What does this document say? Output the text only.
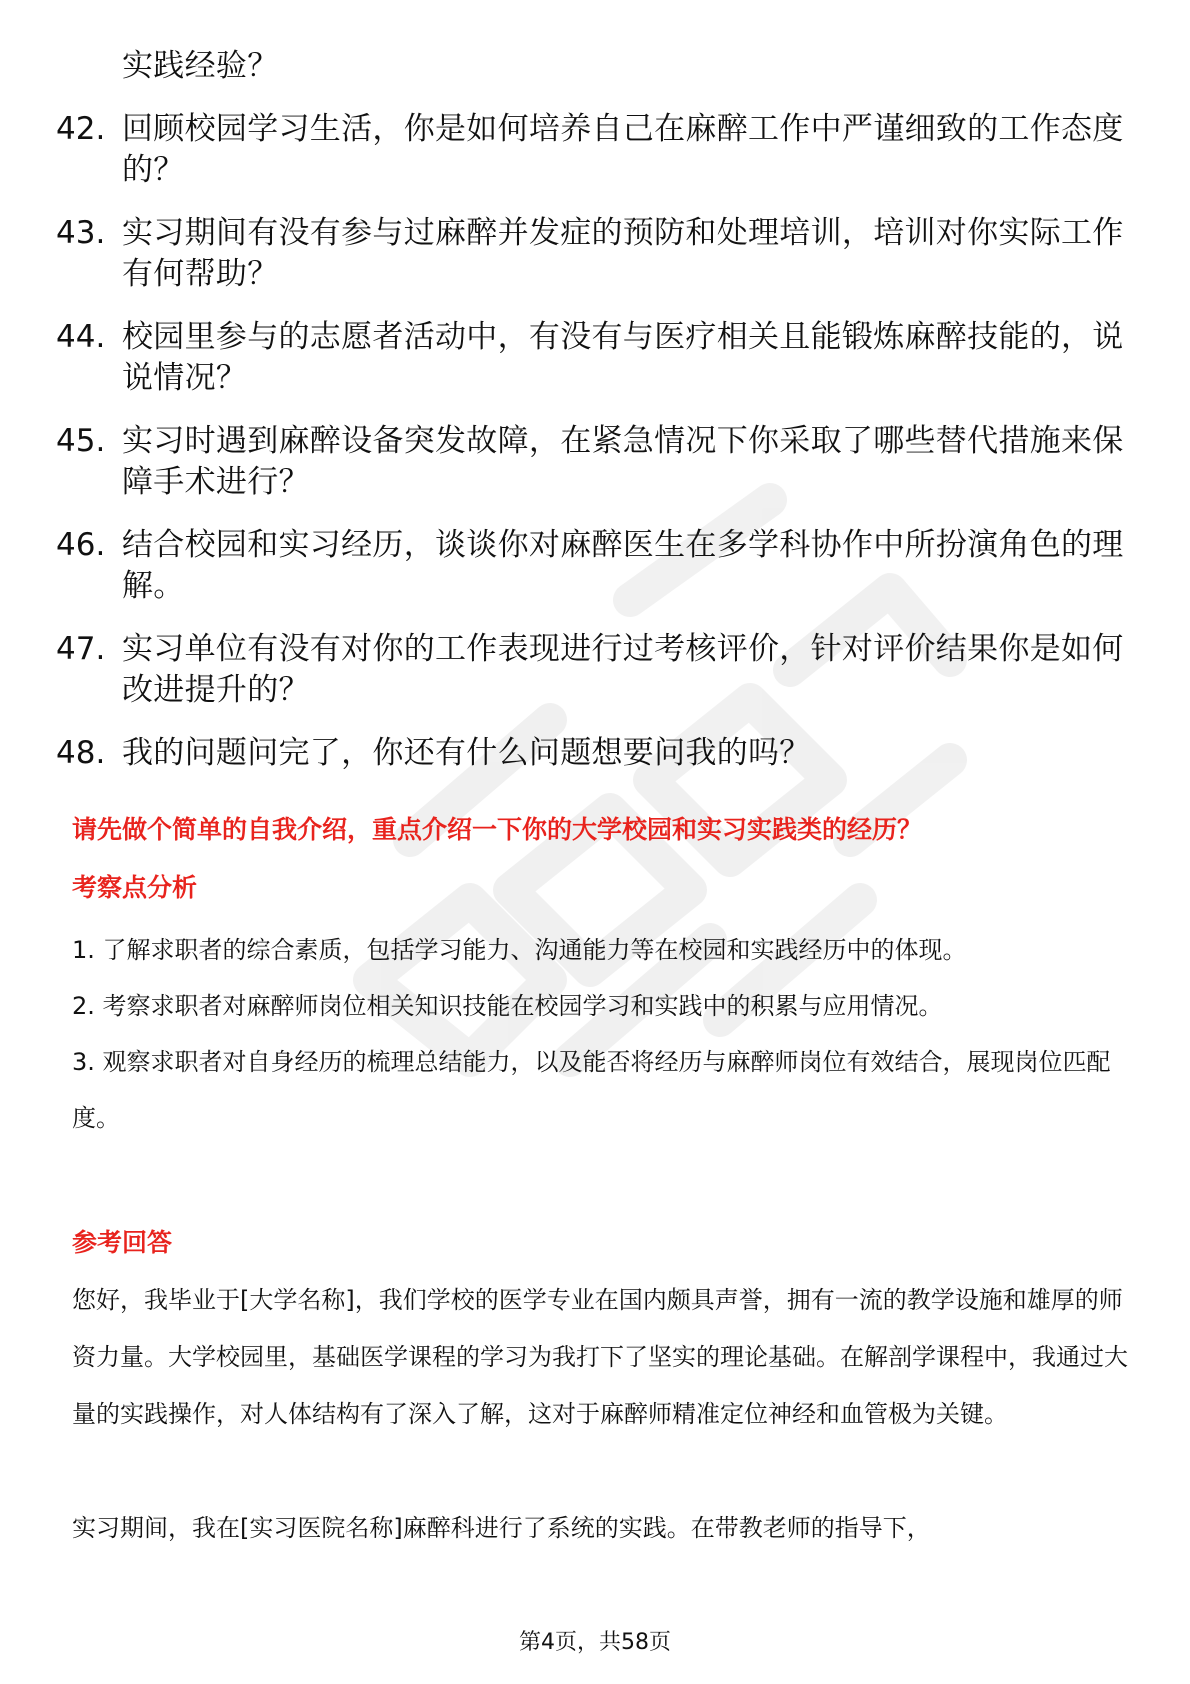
实践经验？
42. 回顾校园学习生活，你是如何培养自己在麻醉工作中严谨细致的工作态度的？
43. 实习期间有没有参与过麻醉并发症的预防和处理培训，培训对你实际工作有何帮助？
44. 校园里参与的志愿者活动中，有没有与医疗相关且能锻炼麻醉技能的，说说情况？
45. 实习时遇到麻醉设备突发故障，在紧急情况下你采取了哪些替代措施来保障手术进行？
46. 结合校园和实习经历，谈谈你对麻醉医生在多学科协作中所扮演角色的理解。
47. 实习单位有没有对你的工作表现进行过考核评价，针对评价结果你是如何改进提升的？
48. 我的问题问完了，你还有什么问题想要问我的吗？
请先做个简单的自我介绍，重点介绍一下你的大学校园和实习实践类的经历？
考察点分析
1. 了解求职者的综合素质，包括学习能力、沟通能力等在校园和实践经历中的体现。
2. 考察求职者对麻醉师岗位相关知识技能在校园学习和实践中的积累与应用情况。
3. 观察求职者对自身经历的梳理总结能力，以及能否将经历与麻醉师岗位有效结合，展现岗位匹配度。
参考回答

您好，我毕业于[大学名称]，我们学校的医学专业在国内颇具声誉，拥有一流的教学设施和雄厚的师资力量。大学校园里，基础医学课程的学习为我打下了坚实的理论基础。在解剖学课程中，我通过大量的实践操作，对人体结构有了深入了解，这对于麻醉师精准定位神经和血管极为关键。

实习期间，我在[实习医院名称]麻醉科进行了系统的实践。在带教老师的指导下，

第4页，共58页
